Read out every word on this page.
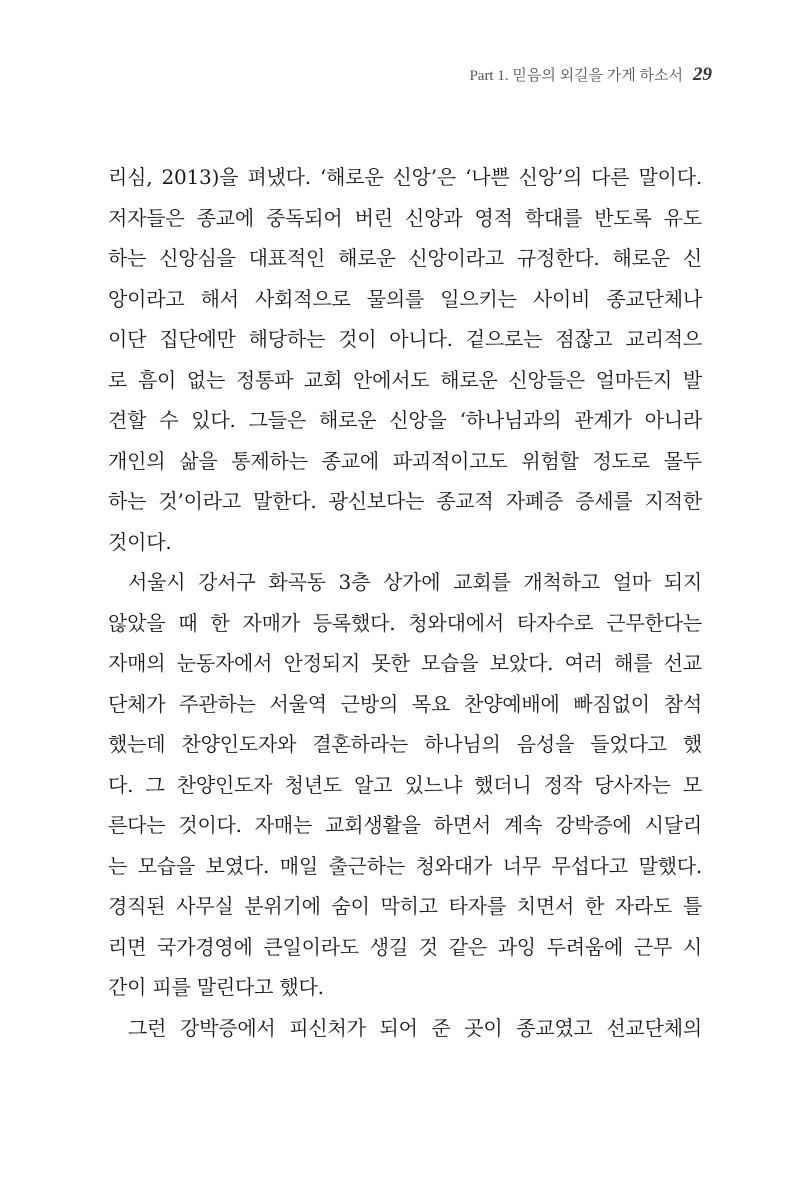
Part 1. 믿음의 외길을 가게 하소서 29
리심, 2013)을 펴냈다. ‘해로운 신앙’은 ‘나쁜 신앙’의 다른 말이다.
저자들은 종교에 중독되어 버린 신앙과 영적 학대를 반도록 유도
하는 신앙심을 대표적인 해로운 신앙이라고 규정한다. 해로운 신
앙이라고 해서 사회적으로 물의를 일으키는 사이비 종교단체나
이단 집단에만 해당하는 것이 아니다. 겉으로는 점잖고 교리적으
로 흠이 없는 정통파 교회 안에서도 해로운 신앙들은 얼마든지 발
견할 수 있다. 그들은 해로운 신앙을 ‘하나님과의 관계가 아니라
개인의 삶을 통제하는 종교에 파괴적이고도 위험할 정도로 몰두
하는 것’이라고 말한다. 광신보다는 종교적 자폐증 증세를 지적한
것이다.
서울시 강서구 화곡동 3층 상가에 교회를 개척하고 얼마 되지
않았을 때 한 자매가 등록했다. 청와대에서 타자수로 근무한다는
자매의 눈동자에서 안정되지 못한 모습을 보았다. 여러 해를 선교
단체가 주관하는 서울역 근방의 목요 찬양예배에 빠짐없이 참석
했는데 찬양인도자와 결혼하라는 하나님의 음성을 들었다고 했
다. 그 찬양인도자 청년도 알고 있느냐 했더니 정작 당사자는 모
른다는 것이다. 자매는 교회생활을 하면서 계속 강박증에 시달리
는 모습을 보였다. 매일 출근하는 청와대가 너무 무섭다고 말했다.
경직된 사무실 분위기에 숨이 막히고 타자를 치면서 한 자라도 틀
리면 국가경영에 큰일이라도 생길 것 같은 과잉 두려움에 근무 시
간이 피를 말린다고 했다.
그런 강박증에서 피신처가 되어 준 곳이 종교였고 선교단체의
